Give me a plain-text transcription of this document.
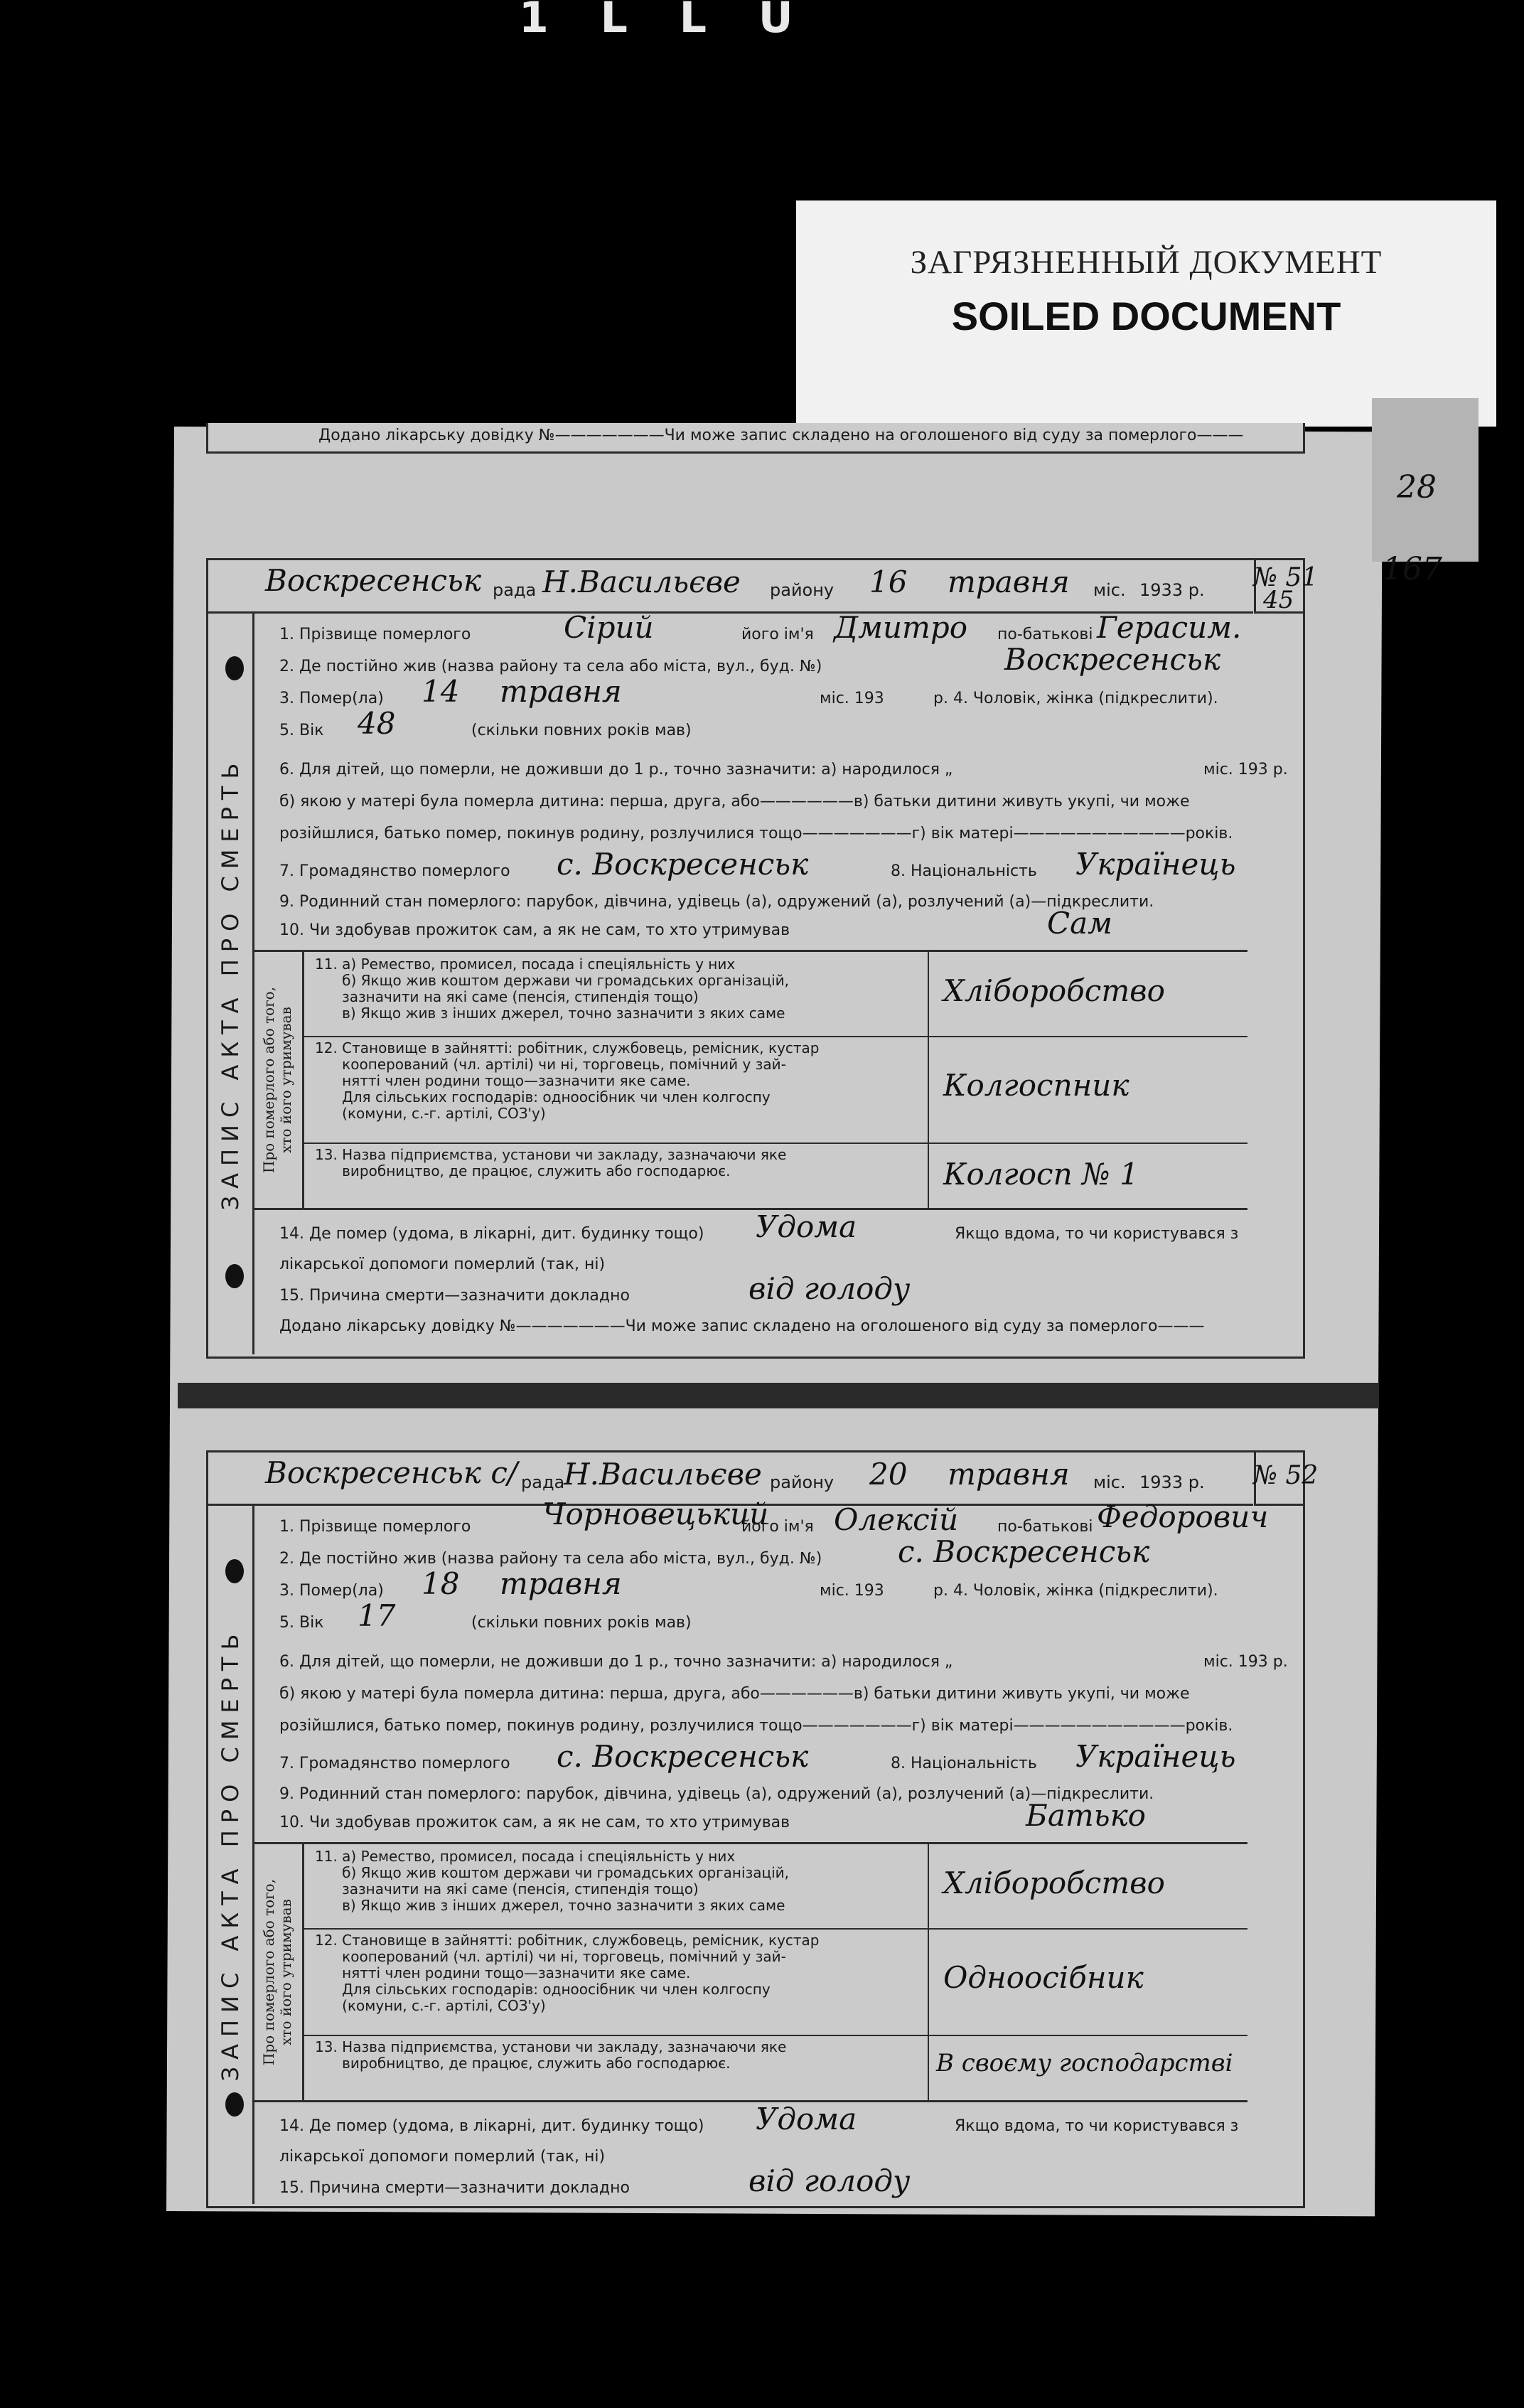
1 L L U
ЗАГРЯЗНЕННЫЙ ДОКУМЕНТ
SOILED DOCUMENT
28
167
Додано лікарську довідку №———————Чи може запис складено на оголошеного від суду за померлого———
Воскресенськ рада Н.Васильєве району 16 травня міс. 1933 р. № 51
45
ЗАПИС АКТА ПРО СМЕРТЬ
1. Прізвище померлого	Сірий	його ім'я Дмитро по-батькові Герасим.
2. Де постійно жив (назва району та села або міста, вул., буд. №)	Воскресенськ
3. Помер(ла) 14 травня	міс. 193	р. 4. Чоловік, жінка (підкреслити).
5. Вік 48	(скільки повних років мав)
6. Для дітей, що померли, не доживши до 1 р., точно зазначити: а) народилося „	міс. 193 р.
б) якою у матері була померла дитина: перша, друга, або——————в) батьки дитини живуть укупі, чи може
розійшлися, батько помер, покинув родину, розлучилися тощо———————г) вік матері———————————років.
7. Громадянство померлого с. Воскресенськ	8. Національність Українець
9. Родинний стан померлого: парубок, дівчина, удівець (а), одружений (а), розлучений (а)—підкреслити.
10. Чи здобував прожиток сам, а як не сам, то хто утримував	Сам
Про померлого або того,
хто його утримував
11. а) Ремество, промисел, посада і спеціяльність у них
б) Якщо жив коштом держави чи громадських організацій,
зазначити на які саме (пенсія, стипендія тощо)
в) Якщо жив з інших джерел, точно зазначити з яких саме
Хліборобство
12. Становище в зайнятті: робітник, службовець, ремісник, кустар
кооперований (чл. артілі) чи ні, торговець, помічний у зай-
нятті член родини тощо—зазначити яке саме.
Для сільських господарів: одноосібник чи член колгоспу
(комуни, с.-г. артілі, СОЗ'у)
Колгоспник
13. Назва підприємства, установи чи закладу, зазначаючи яке
виробництво, де працює, служить або господарює.	Колгосп № 1
14. Де помер (удома, в лікарні, дит. будинку тощо) Удома	Якщо вдома, то чи користувався з
лікарської допомоги померлий (так, ні)
15. Причина смерти—зазначити докладно	від голоду
Додано лікарську довідку №———————Чи може запис складено на оголошеного від суду за померлого———
Воскресенськ с/ рада
Н.Васильєве району 20 травня міс. 1933 р. № 52
ЗАПИС АКТА ПРО СМЕРТЬ
1. Прізвище померлого Чорновецький
його ім'я Олексій по-батькові Федорович
2. Де постійно жив (назва району та села або міста, вул., буд. №)	с. Воскресенськ
3. Помер(ла) 18 травня	міс. 193	р. 4. Чоловік, жінка (підкреслити).
5. Вік 17	(скільки повних років мав)
6. Для дітей, що померли, не доживши до 1 р., точно зазначити: а) народилося „	міс. 193 р.
б) якою у матері була померла дитина: перша, друга, або——————в) батьки дитини живуть укупі, чи може
розійшлися, батько помер, покинув родину, розлучилися тощо———————г) вік матері———————————років.
7. Громадянство померлого с. Воскресенськ	8. Національність Українець
9. Родинний стан померлого: парубок, дівчина, удівець (а), одружений (а), розлучений (а)—підкреслити.
10. Чи здобував прожиток сам, а як не сам, то хто утримував	Батько
Про померлого або того,
хто його утримував
11. а) Ремество, промисел, посада і спеціяльність у них
б) Якщо жив коштом держави чи громадських організацій,
зазначити на які саме (пенсія, стипендія тощо)
в) Якщо жив з інших джерел, точно зазначити з яких саме
Хліборобство
12. Становище в зайнятті: робітник, службовець, ремісник, кустар
кооперований (чл. артілі) чи ні, торговець, помічний у зай-
нятті член родини тощо—зазначити яке саме.
Для сільських господарів: одноосібник чи член колгоспу
(комуни, с.-г. артілі, СОЗ'у)
Одноосібник
13. Назва підприємства, установи чи закладу, зазначаючи яке
виробництво, де працює, служить або господарює.	В своєму господарстві
14. Де помер (удома, в лікарні, дит. будинку тощо) Удома	Якщо вдома, то чи користувався з
лікарської допомоги померлий (так, ні)
15. Причина смерти—зазначити докладно	від голоду
